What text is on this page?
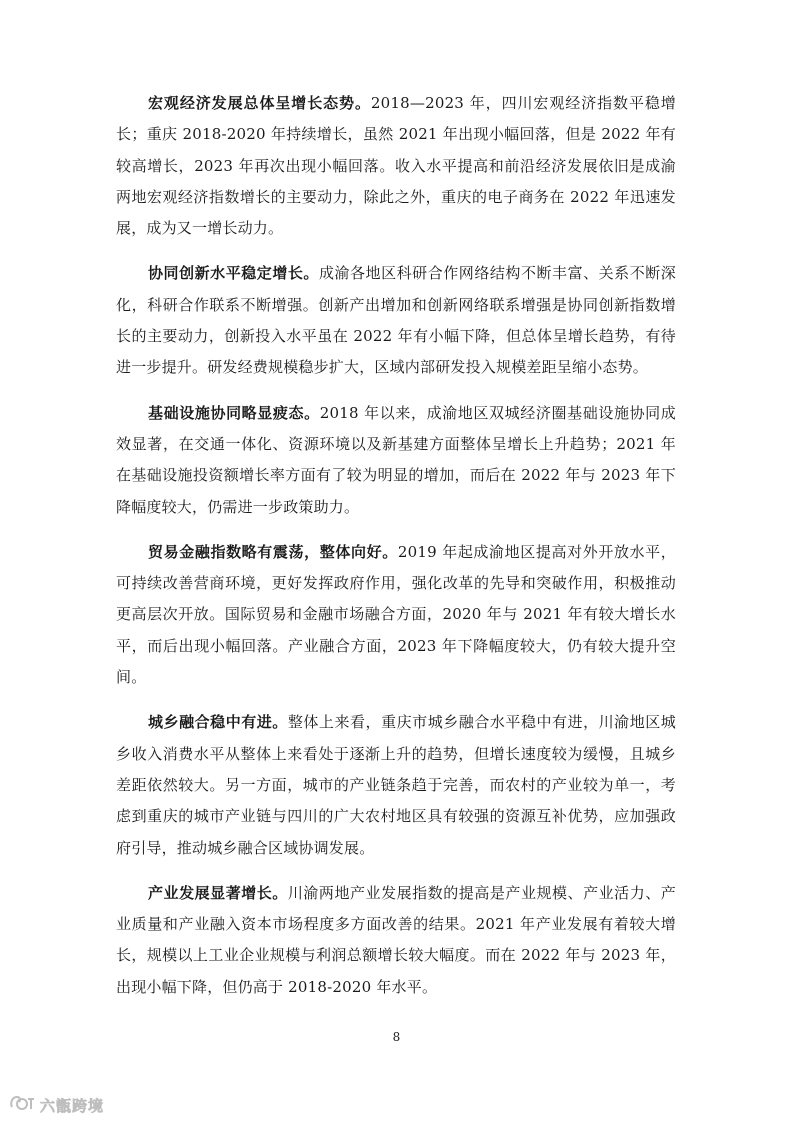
宏观经济发展总体呈增长态势。2018—2023 年，四川宏观经济指数平稳增长；重庆 2018-2020 年持续增长，虽然 2021 年出现小幅回落，但是 2022 年有较高增长，2023 年再次出现小幅回落。收入水平提高和前沿经济发展依旧是成渝两地宏观经济指数增长的主要动力，除此之外，重庆的电子商务在 2022 年迅速发展，成为又一增长动力。

协同创新水平稳定增长。成渝各地区科研合作网络结构不断丰富、关系不断深化，科研合作联系不断增强。创新产出增加和创新网络联系增强是协同创新指数增长的主要动力，创新投入水平虽在 2022 年有小幅下降，但总体呈增长趋势，有待进一步提升。研发经费规模稳步扩大，区域内部研发投入规模差距呈缩小态势。

基础设施协同略显疲态。2018 年以来，成渝地区双城经济圈基础设施协同成效显著，在交通一体化、资源环境以及新基建方面整体呈增长上升趋势；2021 年在基础设施投资额增长率方面有了较为明显的增加，而后在 2022 年与 2023 年下降幅度较大，仍需进一步政策助力。

贸易金融指数略有震荡，整体向好。2019 年起成渝地区提高对外开放水平，可持续改善营商环境，更好发挥政府作用，强化改革的先导和突破作用，积极推动更高层次开放。国际贸易和金融市场融合方面，2020 年与 2021 年有较大增长水平，而后出现小幅回落。产业融合方面，2023 年下降幅度较大，仍有较大提升空间。

城乡融合稳中有进。整体上来看，重庆市城乡融合水平稳中有进，川渝地区城乡收入消费水平从整体上来看处于逐渐上升的趋势，但增长速度较为缓慢，且城乡差距依然较大。另一方面，城市的产业链条趋于完善，而农村的产业较为单一，考虑到重庆的城市产业链与四川的广大农村地区具有较强的资源互补优势，应加强政府引导，推动城乡融合区域协调发展。

产业发展显著增长。川渝两地产业发展指数的提高是产业规模、产业活力、产业质量和产业融入资本市场程度多方面改善的结果。2021 年产业发展有着较大增长，规模以上工业企业规模与利润总额增长较大幅度。而在 2022 年与 2023 年，出现小幅下降，但仍高于 2018-2020 年水平。

8
六甑跨境
